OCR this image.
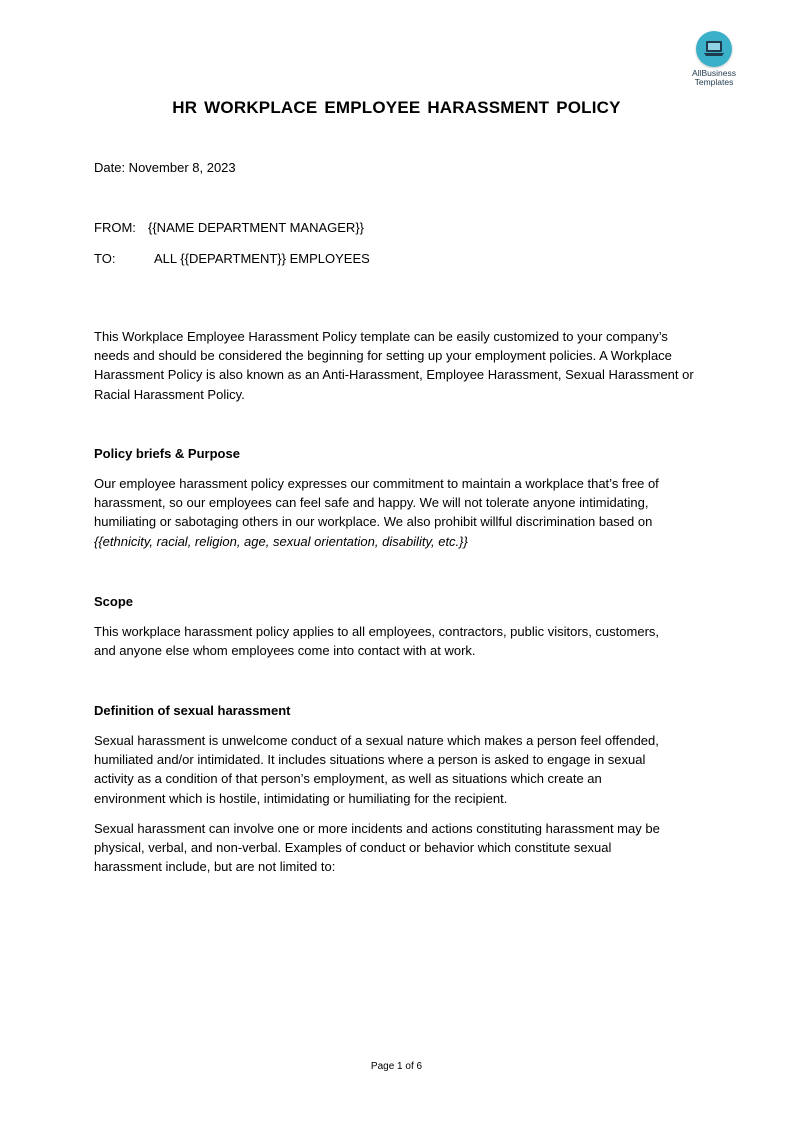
AllBusiness
Templates
HR WORKPLACE EMPLOYEE HARASSMENT POLICY
Date: November 8, 2023
FROM: {{NAME DEPARTMENT MANAGER}}
TO:	ALL {{DEPARTMENT}} EMPLOYEES
This Workplace Employee Harassment Policy template can be easily customized to your company’s
needs and should be considered the beginning for setting up your employment policies. A Workplace
Harassment Policy is also known as an Anti-Harassment, Employee Harassment, Sexual Harassment or
Racial Harassment Policy.
Policy briefs & Purpose
Our employee harassment policy expresses our commitment to maintain a workplace that’s free of
harassment, so our employees can feel safe and happy. We will not tolerate anyone intimidating,
humiliating or sabotaging others in our workplace. We also prohibit willful discrimination based on
{{ethnicity, racial, religion, age, sexual orientation, disability, etc.}}
Scope
This workplace harassment policy applies to all employees, contractors, public visitors, customers,
and anyone else whom employees come into contact with at work.
Definition of sexual harassment
Sexual harassment is unwelcome conduct of a sexual nature which makes a person feel offended,
humiliated and/or intimidated. It includes situations where a person is asked to engage in sexual
activity as a condition of that person’s employment, as well as situations which create an
environment which is hostile, intimidating or humiliating for the recipient.
Sexual harassment can involve one or more incidents and actions constituting harassment may be
physical, verbal, and non-verbal. Examples of conduct or behavior which constitute sexual
harassment include, but are not limited to:
Page 1 of 6
